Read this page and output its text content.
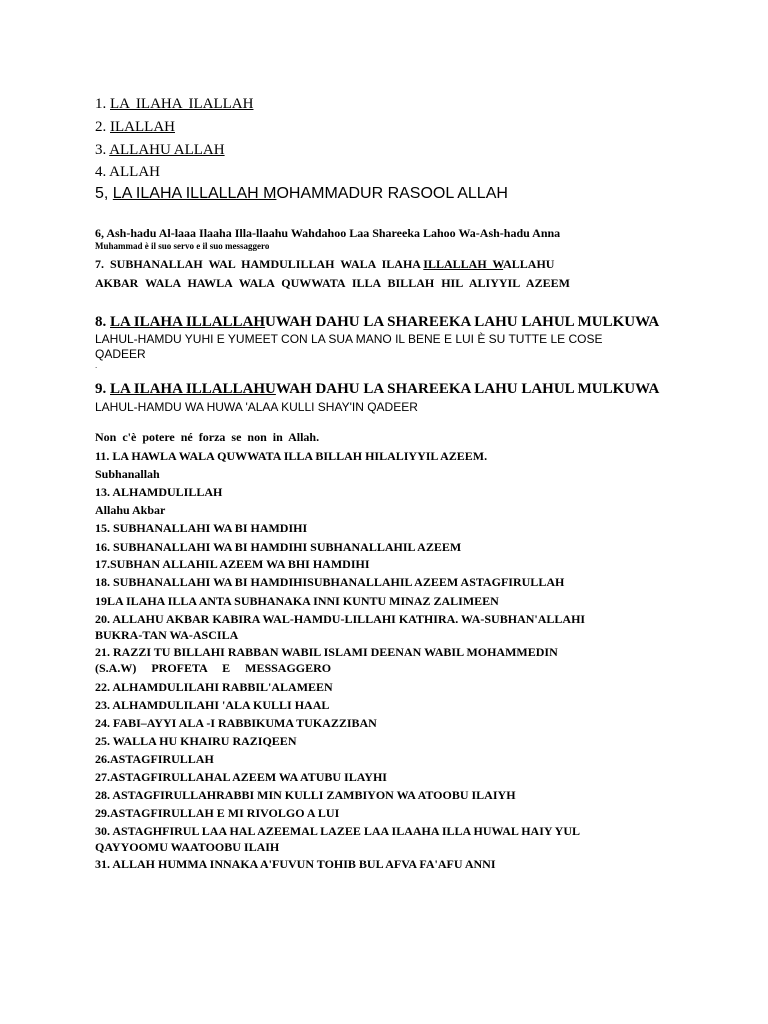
1. LA ILAHA ILALLAH

2. ILALLAH

3. ALLAHU ALLAH

4. ALLAH

5, LA ILAHA ILLALLAH MOHAMMADUR RASOOL ALLAH

6, Ash-hadu Al-laaa Ilaaha Illa-llaahu Wahdahoo Laa Shareeka Lahoo Wa-Ash-hadu Anna

Muhammad è il suo servo e il suo messaggero

7.  SUBHANALLAH  WAL  HAMDULILLAH  WALA  ILAHA ILLALLAH  WALLAHU

AKBAR WALA HAWLA WALA QUWWATA ILLA BILLAH HIL ALIYYIL AZEEM

8. LA ILAHA ILLALLAHUWAH DAHU LA SHAREEKA LAHU LAHUL MULKUWA

LAHUL-HAMDU YUHI E YUMEET CON LA SUA MANO IL BENE E LUI È SU TUTTE LE COSE

QADEER

.

9. LA ILAHA ILLALLAHUWAH DAHU LA SHAREEKA LAHU LAHUL MULKUWA

LAHUL-HAMDU WA HUWA 'ALAA KULLI SHAY'IN QADEER

Non c'è potere né forza se non in Allah.

11. LA HAWLA WALA QUWWATA ILLA BILLAH HILALIYYIL AZEEM.

Subhanallah

13. ALHAMDULILLAH

Allahu Akbar

15. SUBHANALLAHI WA BI HAMDIHI

16. SUBHANALLAHI WA BI HAMDIHI SUBHANALLAHIL AZEEM

17.SUBHAN ALLAHIL AZEEM WA BHI HAMDIHI

18. SUBHANALLAHI WA BI HAMDIHISUBHANALLAHIL AZEEM ASTAGFIRULLAH

19LA ILAHA ILLA ANTA SUBHANAKA INNI KUNTU MINAZ ZALIMEEN

20. ALLAHU AKBAR KABIRA WAL-HAMDU-LILLAHI KATHIRA. WA-SUBHAN'ALLAHI

BUKRA-TAN WA-ASCILA

21. RAZZI TU BILLAHI RABBAN WABIL ISLAMI DEENAN WABIL MOHAMMEDIN

(S.A.W)     PROFETA     E     MESSAGGERO

22. ALHAMDULILAHI RABBIL'ALAMEEN

23. ALHAMDULILAHI 'ALA KULLI HAAL

24. FABI–AYYI ALA -I RABBIKUMA TUKAZZIBAN

25. WALLA HU KHAIRU RAZIQEEN

26.ASTAGFIRULLAH

27.ASTAGFIRULLAHAL AZEEM WA ATUBU ILAYHI

28. ASTAGFIRULLAHRABBI MIN KULLI ZAMBIYON WA ATOOBU ILAIYH

29.ASTAGFIRULLAH E MI RIVOLGO A LUI

30. ASTAGHFIRUL LAA HAL AZEEMAL LAZEE LAA ILAAHA ILLA HUWAL HAIY YUL

QAYYOOMU WAATOOBU ILAIH

31. ALLAH HUMMA INNAKA A'FUVUN TOHIB BUL AFVA FA'AFU ANNI
